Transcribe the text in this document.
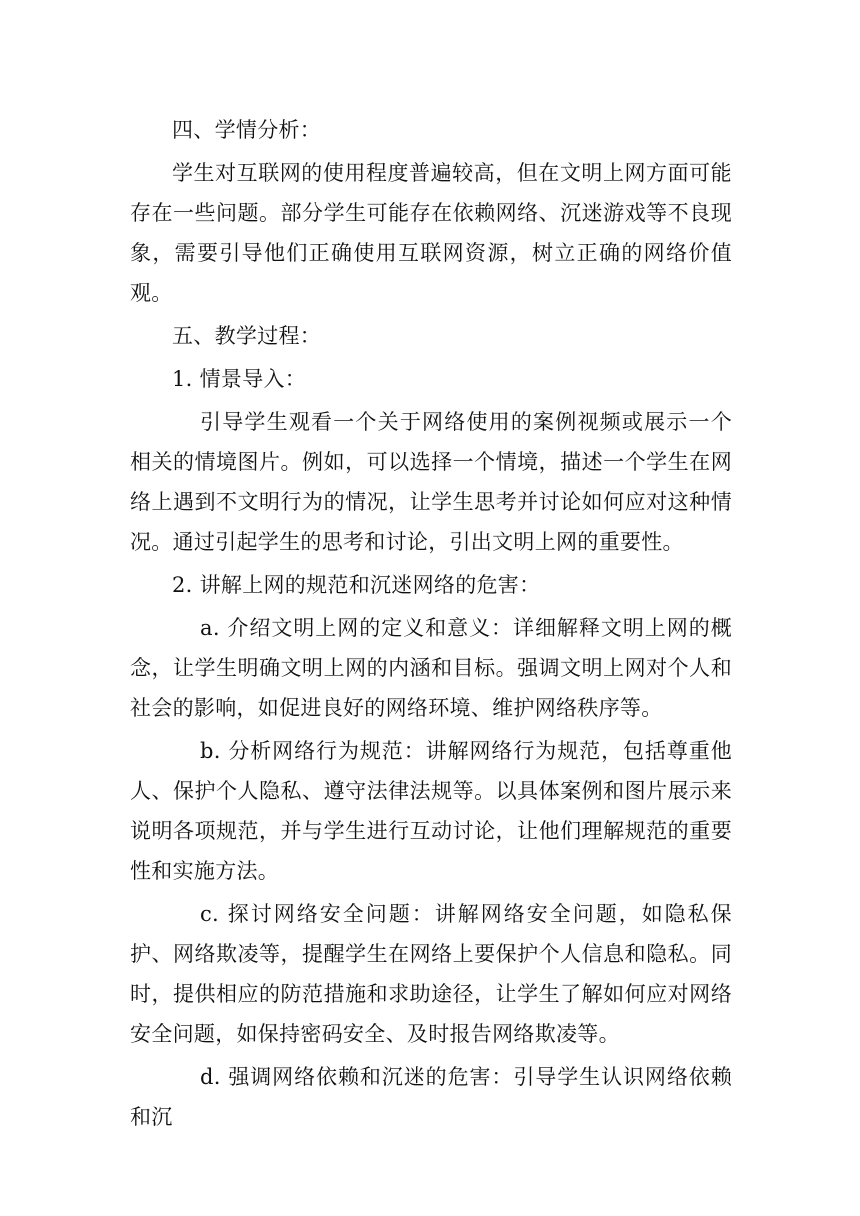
四、学情分析：

学生对互联网的使用程度普遍较高，但在文明上网方面可能存在一些问题。部分学生可能存在依赖网络、沉迷游戏等不良现象，需要引导他们正确使用互联网资源，树立正确的网络价值观。

五、教学过程：

1. 情景导入：

引导学生观看一个关于网络使用的案例视频或展示一个相关的情境图片。例如，可以选择一个情境，描述一个学生在网络上遇到不文明行为的情况，让学生思考并讨论如何应对这种情况。通过引起学生的思考和讨论，引出文明上网的重要性。

2. 讲解上网的规范和沉迷网络的危害：

a. 介绍文明上网的定义和意义：详细解释文明上网的概念，让学生明确文明上网的内涵和目标。强调文明上网对个人和社会的影响，如促进良好的网络环境、维护网络秩序等。

b. 分析网络行为规范：讲解网络行为规范，包括尊重他人、保护个人隐私、遵守法律法规等。以具体案例和图片展示来说明各项规范，并与学生进行互动讨论，让他们理解规范的重要性和实施方法。

c. 探讨网络安全问题：讲解网络安全问题，如隐私保护、网络欺凌等，提醒学生在网络上要保护个人信息和隐私。同时，提供相应的防范措施和求助途径，让学生了解如何应对网络安全问题，如保持密码安全、及时报告网络欺凌等。

d. 强调网络依赖和沉迷的危害：引导学生认识网络依赖和沉
